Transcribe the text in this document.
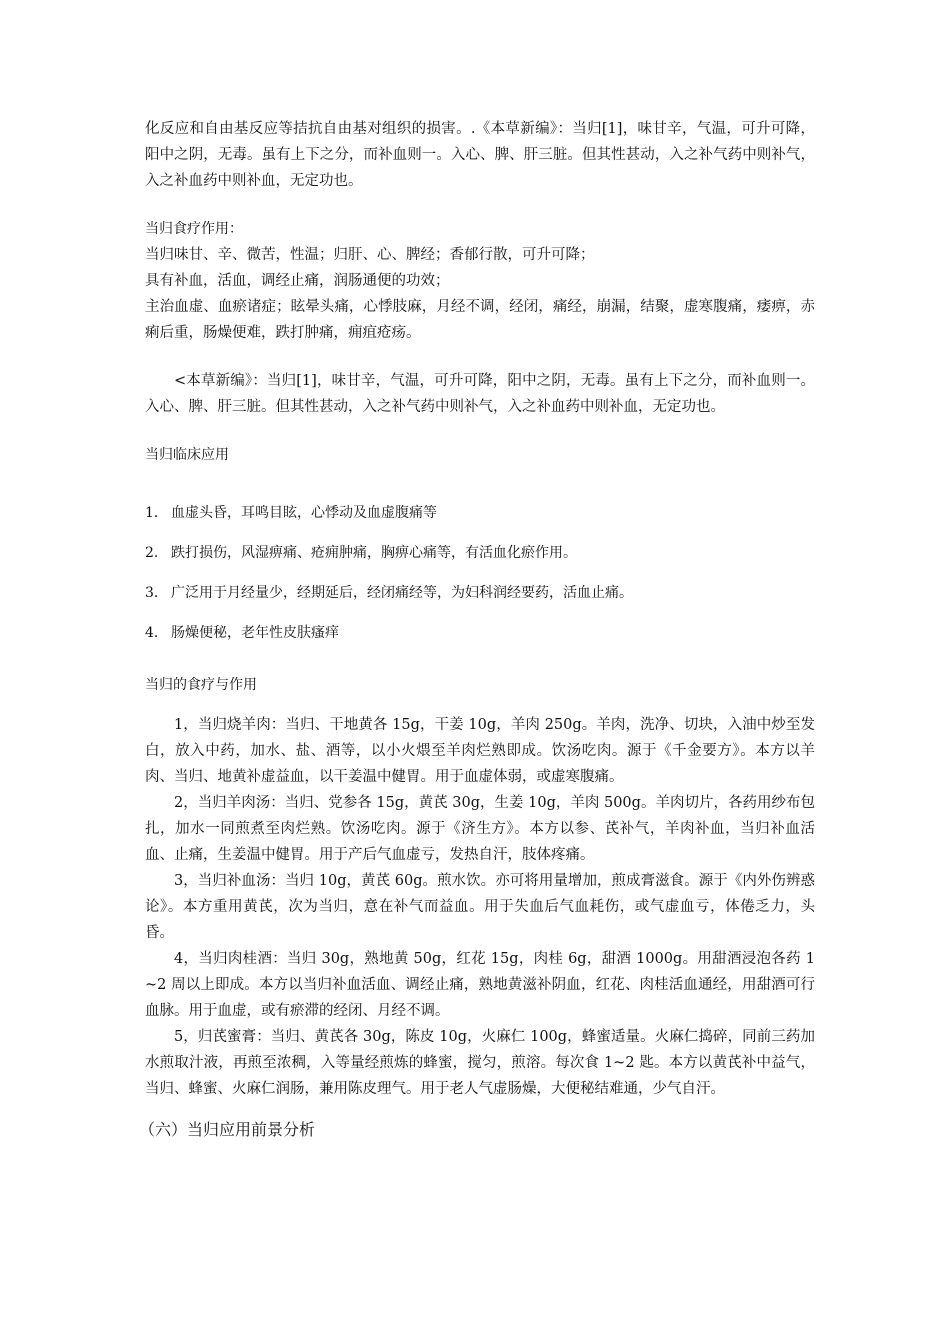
化反应和自由基反应等拮抗自由基对组织的损害。.《本草新编》：当归[1]，味甘辛，气温，可升可降，阳中之阴，无毒。虽有上下之分，而补血则一。入心、脾、肝三脏。但其性甚动，入之补气药中则补气，入之补血药中则补血，无定功也。

当归食疗作用：

当归味甘、辛、微苦，性温；归肝、心、脾经；香郁行散，可升可降；

具有补血，活血，调经止痛，润肠通便的功效；

主治血虚、血瘀诸症；眩晕头痛，心悸肢麻，月经不调，经闭，痛经，崩漏，结聚，虚寒腹痛，痿痹，赤痢后重，肠燥便难，跌打肿痛，痈疽疮疡。

<本草新编》：当归[1]，味甘辛，气温，可升可降，阳中之阴，无毒。虽有上下之分，而补血则一。入心、脾、肝三脏。但其性甚动，入之补气药中则补气，入之补血药中则补血，无定功也。

当归临床应用

1． 血虚头昏，耳鸣目眩，心悸动及血虚腹痛等

2． 跌打损伤，风湿痹痛、疮痈肿痛，胸痹心痛等，有活血化瘀作用。

3． 广泛用于月经量少，经期延后，经闭痛经等，为妇科润经要药，活血止痛。

4． 肠燥便秘，老年性皮肤瘙痒

当归的食疗与作用

1，当归烧羊肉：当归、干地黄各 15g，干姜 10g，羊肉 250g。羊肉，洗净、切块，入油中炒至发白，放入中药，加水、盐、酒等，以小火煨至羊肉烂熟即成。饮汤吃肉。源于《千金要方》。本方以羊肉、当归、地黄补虚益血，以干姜温中健胃。用于血虚体弱，或虚寒腹痛。

2，当归羊肉汤：当归、党参各 15g，黄芪 30g，生姜 10g，羊肉 500g。羊肉切片，各药用纱布包扎，加水一同煎煮至肉烂熟。饮汤吃肉。源于《济生方》。本方以参、芪补气，羊肉补血，当归补血活血、止痛，生姜温中健胃。用于产后气血虚亏，发热自汗，肢体疼痛。

3，当归补血汤：当归 10g，黄芪 60g。煎水饮。亦可将用量增加，煎成膏滋食。源于《内外伤辨惑论》。本方重用黄芪，次为当归，意在补气而益血。用于失血后气血耗伤，或气虚血亏，体倦乏力，头昏。

4，当归肉桂酒：当归 30g，熟地黄 50g，红花 15g，肉桂 6g，甜酒 1000g。用甜酒浸泡各药 1~2 周以上即成。本方以当归补血活血、调经止痛，熟地黄滋补阴血，红花、肉桂活血通经，用甜酒可行血脉。用于血虚，或有瘀滞的经闭、月经不调。

5，归芪蜜膏：当归、黄芪各 30g，陈皮 10g，火麻仁 100g，蜂蜜适量。火麻仁捣碎，同前三药加水煎取汁液，再煎至浓稠，入等量经煎炼的蜂蜜，搅匀，煎溶。每次食 1~2 匙。本方以黄芪补中益气，当归、蜂蜜、火麻仁润肠，兼用陈皮理气。用于老人气虚肠燥，大便秘结难通，少气自汗。

（六）当归应用前景分析
